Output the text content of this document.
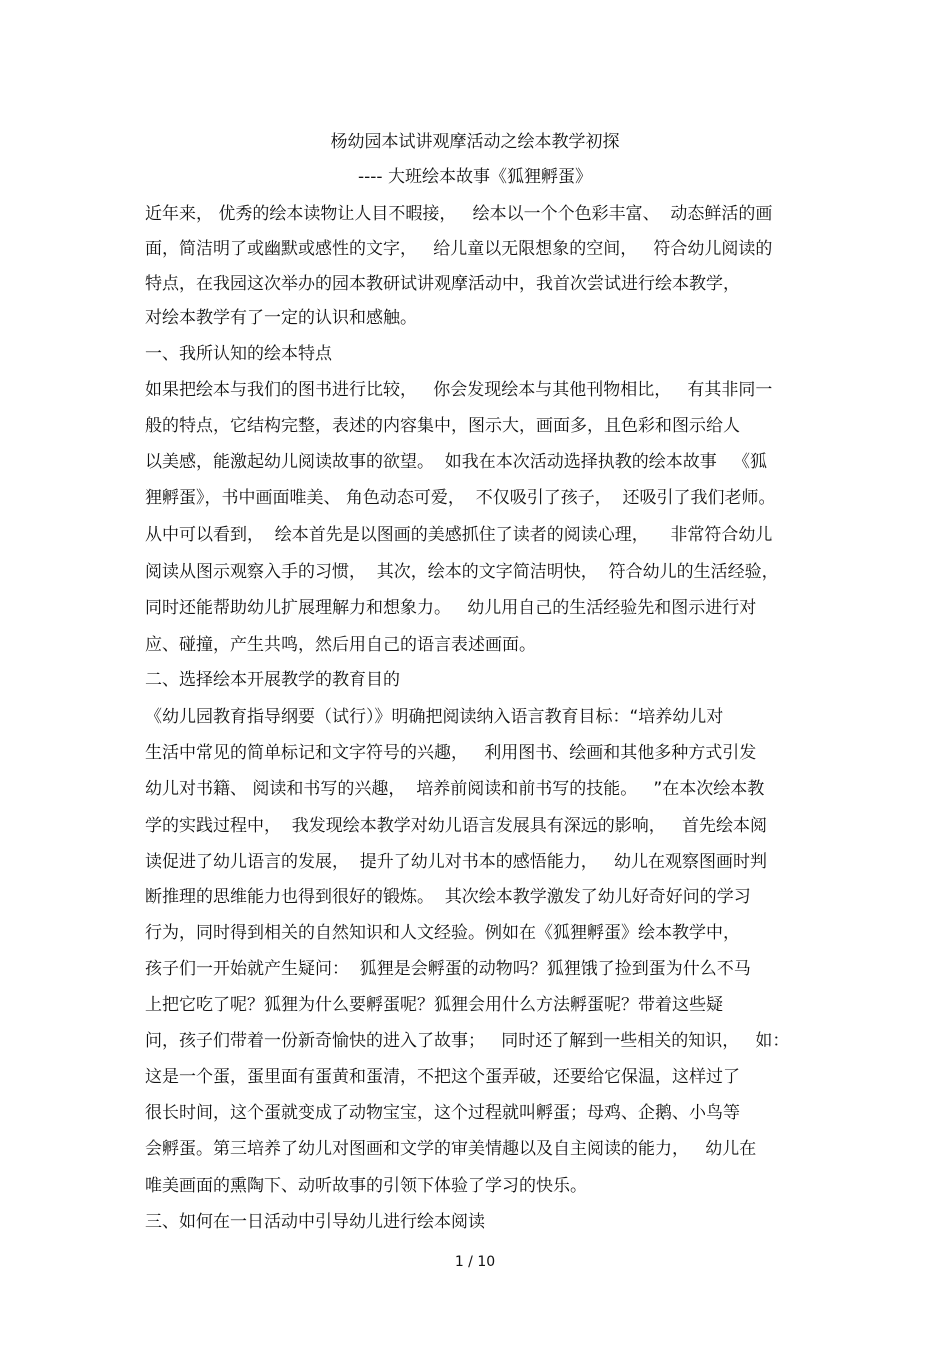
杨幼园本试讲观摩活动之绘本教学初探
---- 大班绘本故事《狐狸孵蛋》
近年来， 优秀的绘本读物让人目不暇接，   绘本以一个个色彩丰富、  动态鲜活的画
面，简洁明了或幽默或感性的文字，   给儿童以无限想象的空间，   符合幼儿阅读的
特点，在我园这次举办的园本教研试讲观摩活动中，我首次尝试进行绘本教学，
对绘本教学有了一定的认识和感触。
一、我所认知的绘本特点
如果把绘本与我们的图书进行比较，   你会发现绘本与其他刊物相比，   有其非同一
般的特点，它结构完整，表述的内容集中，图示大，画面多，且色彩和图示给人
以美感，能激起幼儿阅读故事的欲望。  如我在本次活动选择执教的绘本故事   《狐
狸孵蛋》，书中画面唯美、 角色动态可爱，  不仅吸引了孩子，  还吸引了我们老师。
从中可以看到，  绘本首先是以图画的美感抓住了读者的阅读心理，    非常符合幼儿
阅读从图示观察入手的习惯，  其次，绘本的文字简洁明快，  符合幼儿的生活经验，
同时还能帮助幼儿扩展理解力和想象力。   幼儿用自己的生活经验先和图示进行对
应、碰撞，产生共鸣，然后用自己的语言表述画面。
二、选择绘本开展教学的教育目的
《幼儿园教育指导纲要（试行）》明确把阅读纳入语言教育目标：“培养幼儿对
生活中常见的简单标记和文字符号的兴趣，   利用图书、绘画和其他多种方式引发
幼儿对书籍、 阅读和书写的兴趣，  培养前阅读和前书写的技能。   ”在本次绘本教
学的实践过程中，  我发现绘本教学对幼儿语言发展具有深远的影响，   首先绘本阅
读促进了幼儿语言的发展，  提升了幼儿对书本的感悟能力，   幼儿在观察图画时判
断推理的思维能力也得到很好的锻炼。  其次绘本教学激发了幼儿好奇好问的学习
行为，同时得到相关的自然知识和人文经验。例如在《狐狸孵蛋》绘本教学中，
孩子们一开始就产生疑问：  狐狸是会孵蛋的动物吗？狐狸饿了捡到蛋为什么不马
上把它吃了呢？狐狸为什么要孵蛋呢？狐狸会用什么方法孵蛋呢？带着这些疑
问，孩子们带着一份新奇愉快的进入了故事；   同时还了解到一些相关的知识，   如：
这是一个蛋，蛋里面有蛋黄和蛋清，不把这个蛋弄破，还要给它保温，这样过了
很长时间，这个蛋就变成了动物宝宝，这个过程就叫孵蛋；母鸡、企鹅、小鸟等
会孵蛋。第三培养了幼儿对图画和文学的审美情趣以及自主阅读的能力，   幼儿在
唯美画面的熏陶下、动听故事的引领下体验了学习的快乐。
三、如何在一日活动中引导幼儿进行绘本阅读
1 / 10
